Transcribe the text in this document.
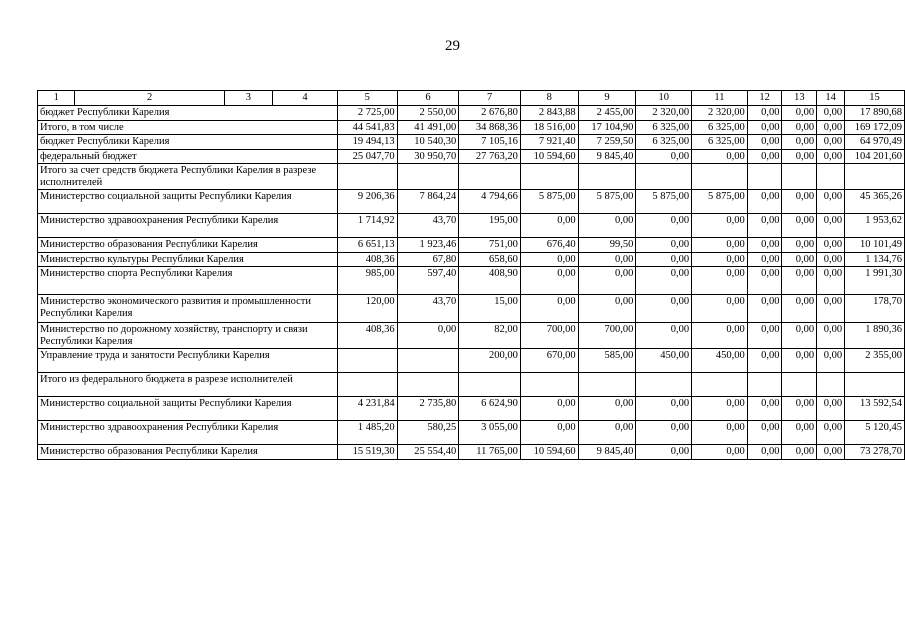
29
1	2	3	4	5	6	7	8	9	10	11	12	13	14	15
бюджет Республики Карелия				2 725,00	2 550,00	2 676,80	2 843,88	2 455,00	2 320,00	2 320,00	0,00	0,00	0,00	17 890,68
Итого, в том числе				44 541,83	41 491,00	34 868,36	18 516,00	17 104,90	6 325,00	6 325,00	0,00	0,00	0,00	169 172,09
бюджет Республики Карелия				19 494,13	10 540,30	7 105,16	7 921,40	7 259,50	6 325,00	6 325,00	0,00	0,00	0,00	64 970,49
федеральный бюджет				25 047,70	30 950,70	27 763,20	10 594,60	9 845,40	0,00	0,00	0,00	0,00	0,00	104 201,60
Итого за счет средств бюджета Республики Карелия в разрезе исполнителей														
Министерство социальной защиты Республики Карелия				9 206,36	7 864,24	4 794,66	5 875,00	5 875,00	5 875,00	5 875,00	0,00	0,00	0,00	45 365,26
Министерство здравоохранения Республики Карелия				1 714,92	43,70	195,00	0,00	0,00	0,00	0,00	0,00	0,00	0,00	1 953,62
Министерство образования Республики Карелия				6 651,13	1 923,46	751,00	676,40	99,50	0,00	0,00	0,00	0,00	0,00	10 101,49
Министерство культуры Республики Карелия				408,36	67,80	658,60	0,00	0,00	0,00	0,00	0,00	0,00	0,00	1 134,76
Министерство спорта Республики Карелия				985,00	597,40	408,90	0,00	0,00	0,00	0,00	0,00	0,00	0,00	1 991,30
Министерство экономического развития и промышленности Республики Карелия				120,00	43,70	15,00	0,00	0,00	0,00	0,00	0,00	0,00	0,00	178,70
Министерство по дорожному хозяйству, транспорту и связи Республики Карелия				408,36	0,00	82,00	700,00	700,00	0,00	0,00	0,00	0,00	0,00	1 890,36
Управление труда и занятости Республики Карелия						200,00	670,00	585,00	450,00	450,00	0,00	0,00	0,00	2 355,00
Итого из федерального бюджета в разрезе исполнителей														
Министерство социальной защиты Республики Карелия				4 231,84	2 735,80	6 624,90	0,00	0,00	0,00	0,00	0,00	0,00	0,00	13 592,54
Министерство здравоохранения Республики Карелия				1 485,20	580,25	3 055,00	0,00	0,00	0,00	0,00	0,00	0,00	0,00	5 120,45
Министерство образования Республики Карелия				15 519,30	25 554,40	11 765,00	10 594,60	9 845,40	0,00	0,00	0,00	0,00	0,00	73 278,70
